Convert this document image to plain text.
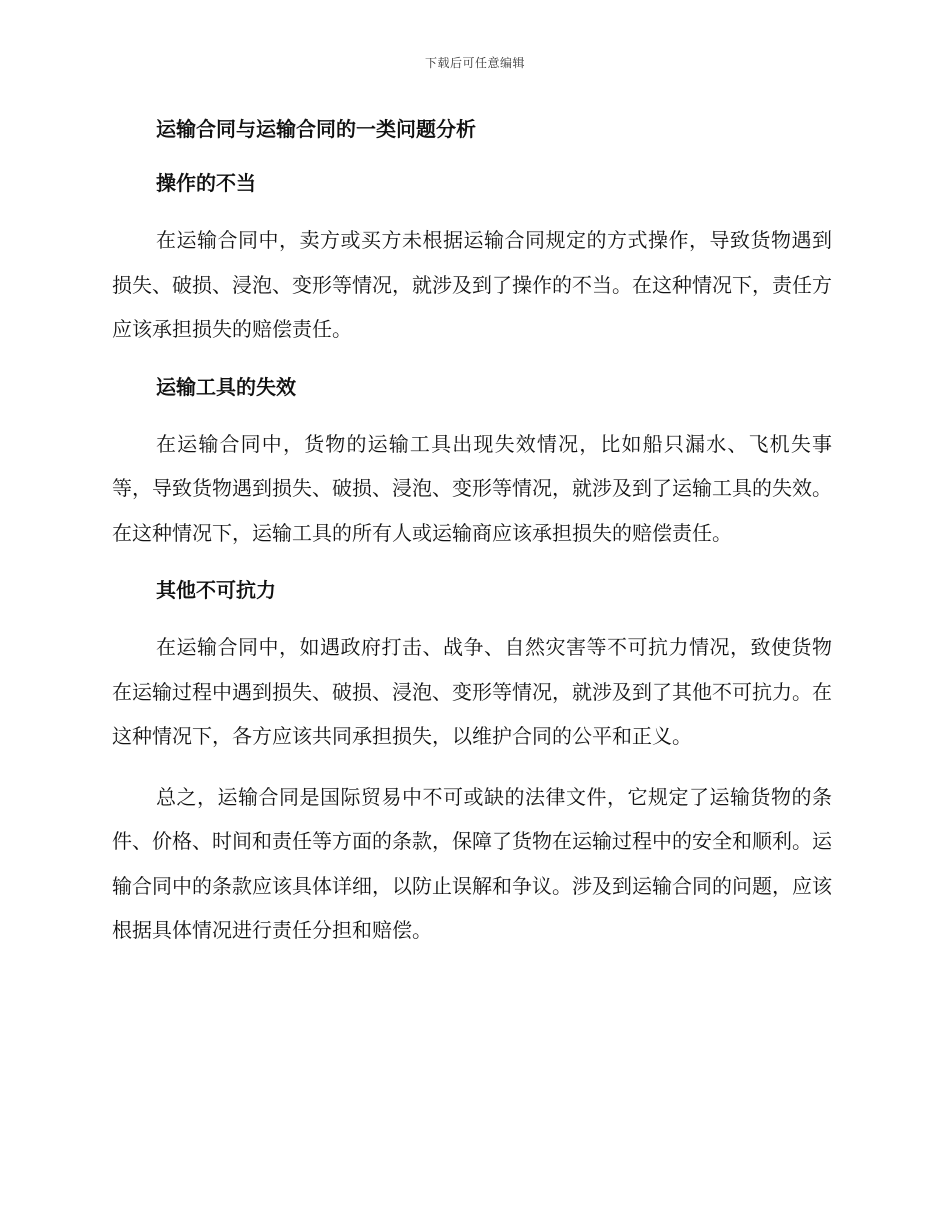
下载后可任意编辑
运输合同与运输合同的一类问题分析
操作的不当

在运输合同中，卖方或买方未根据运输合同规定的方式操作，导致货物遇到损失、破损、浸泡、变形等情况，就涉及到了操作的不当。在这种情况下，责任方应该承担损失的赔偿责任。

运输工具的失效

在运输合同中，货物的运输工具出现失效情况，比如船只漏水、飞机失事等，导致货物遇到损失、破损、浸泡、变形等情况，就涉及到了运输工具的失效。在这种情况下，运输工具的所有人或运输商应该承担损失的赔偿责任。

其他不可抗力

在运输合同中，如遇政府打击、战争、自然灾害等不可抗力情况，致使货物在运输过程中遇到损失、破损、浸泡、变形等情况，就涉及到了其他不可抗力。在这种情况下，各方应该共同承担损失，以维护合同的公平和正义。

总之，运输合同是国际贸易中不可或缺的法律文件，它规定了运输货物的条件、价格、时间和责任等方面的条款，保障了货物在运输过程中的安全和顺利。运输合同中的条款应该具体详细，以防止误解和争议。涉及到运输合同的问题，应该根据具体情况进行责任分担和赔偿。
